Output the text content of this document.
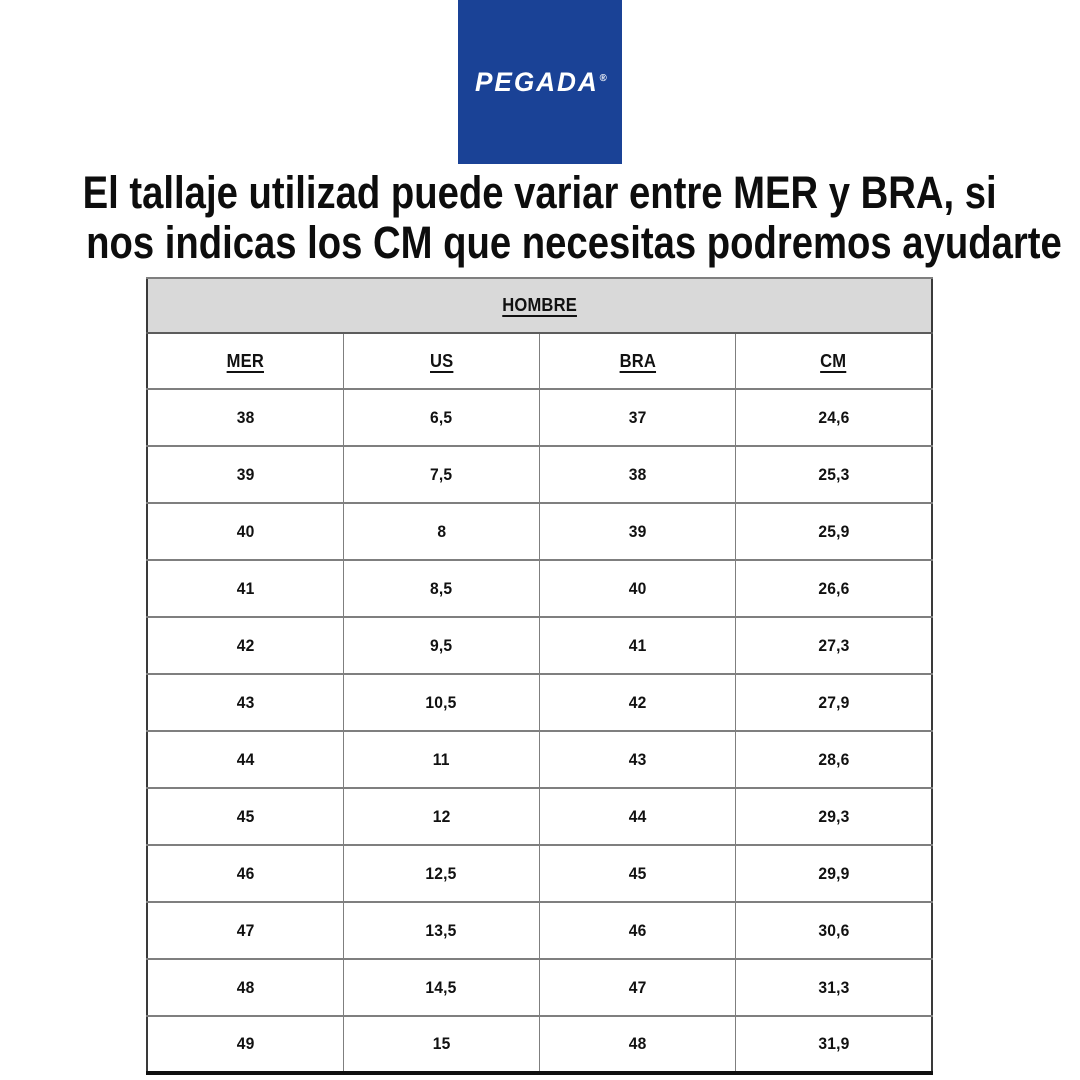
PEGADA®
El tallaje utilizad puede variar entre MER y BRA, si
nos indicas los CM que necesitas podremos ayudarte
HOMBRE			
MER	US	BRA	CM
38	6,5	37	24,6
39	7,5	38	25,3
40	8	39	25,9
41	8,5	40	26,6
42	9,5	41	27,3
43	10,5	42	27,9
44	11	43	28,6
45	12	44	29,3
46	12,5	45	29,9
47	13,5	46	30,6
48	14,5	47	31,3
49	15	48	31,9
